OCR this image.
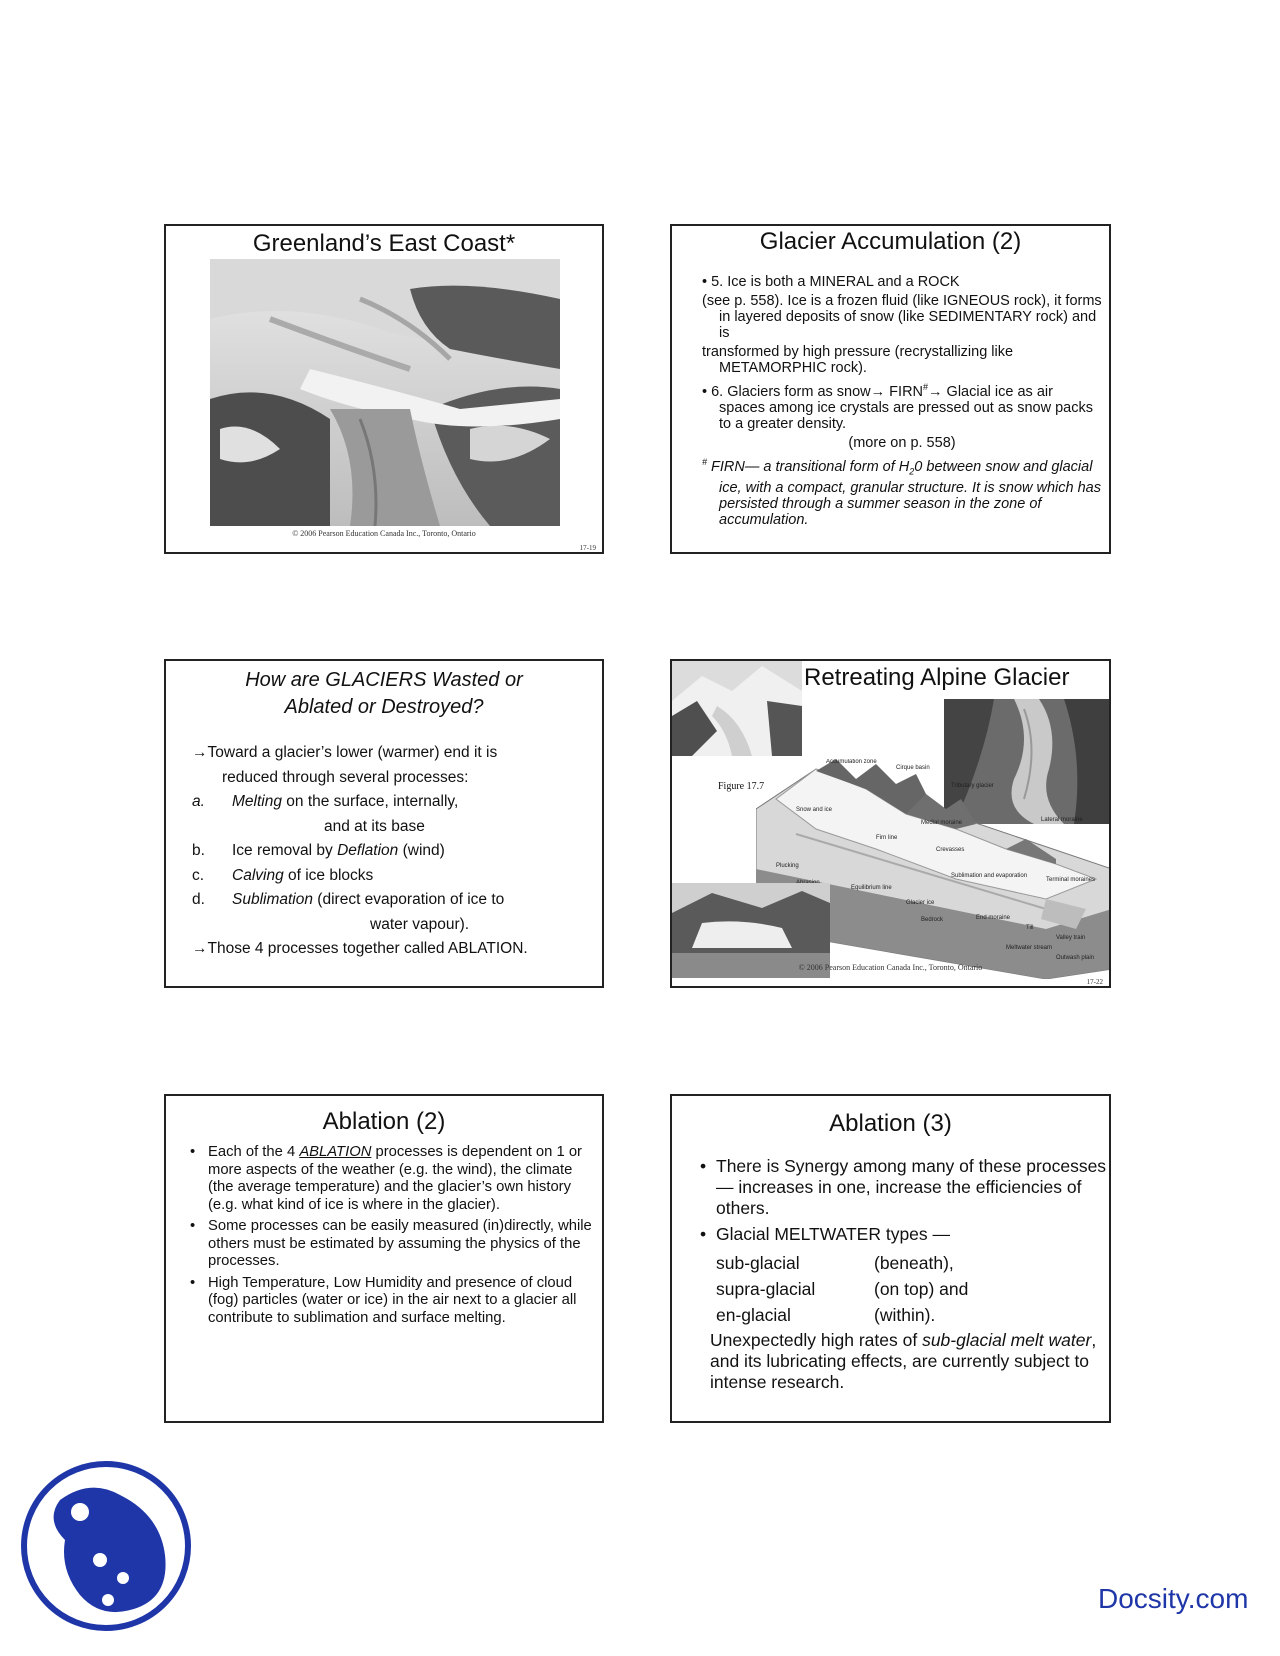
Greenland’s East Coast*
© 2006 Pearson Education Canada Inc., Toronto, Ontario
17-19
Glacier Accumulation (2)

• 5. Ice is both a MINERAL and a ROCK

(see p. 558). Ice is a frozen fluid (like IGNEOUS rock), it forms in layered deposits of snow (like SEDIMENTARY rock) and is

transformed by high pressure (recrystallizing like METAMORPHIC rock).

• 6. Glaciers form as snow→ FIRN#→ Glacial ice as air spaces among ice crystals are pressed out as snow packs to a greater density.

(more on p. 558)

# FIRN— a transitional form of $H_20$ between snow and glacial ice, with a compact, granular structure. It is snow which has persisted through a summer season in the zone of accumulation.

How are GLACIERS Wasted or
Ablated or Destroyed?
→Toward a glacier’s lower (warmer) end it is
reduced through several processes:
a.	Melting on the surface, internally,
and at its base
b.	Ice removal by Deflation (wind)
c.	Calving of ice blocks
d.	Sublimation (direct evaporation of ice to
water vapour).
→Those 4 processes together called ABLATION.
Retreating Alpine Glacier
Figure 17.7
Accumulation zone
Cirque basin
Tributary glacier
Lateral moraine
Snow and ice
Medial moraine
Firn line
Crevasses
Plucking
Equilibrium line
Sublimation and evaporation
Terminal moraines
Glacier ice
Bedrock	End moraine
Till
Valley train
Meltwater stream
Outwash plain
© 2006 Pearson Education Canada Inc., Toronto, Ontario
17-22
Ablation (2)
• Each of the 4 ABLATION processes is dependent on 1 or more aspects of the weather (e.g. the wind), the climate (the average temperature) and the glacier’s own history (e.g. what kind of ice is where in the glacier).
• Some processes can be easily measured (in)directly, while others must be estimated by assuming the physics of the processes.
• High Temperature, Low Humidity and presence of cloud (fog) particles (water or ice) in the air next to a glacier all contribute to sublimation and surface melting.
Ablation (3)
• There is Synergy among many of these processes — increases in one, increase the efficiencies of others.
• Glacial MELTWATER types —
sub-glacial	(beneath),
supra-glacial	(on top) and
en-glacial	(within).
Unexpectedly high rates of sub-glacial melt water, and its lubricating effects, are currently subject to intense research.
Docsity.com
